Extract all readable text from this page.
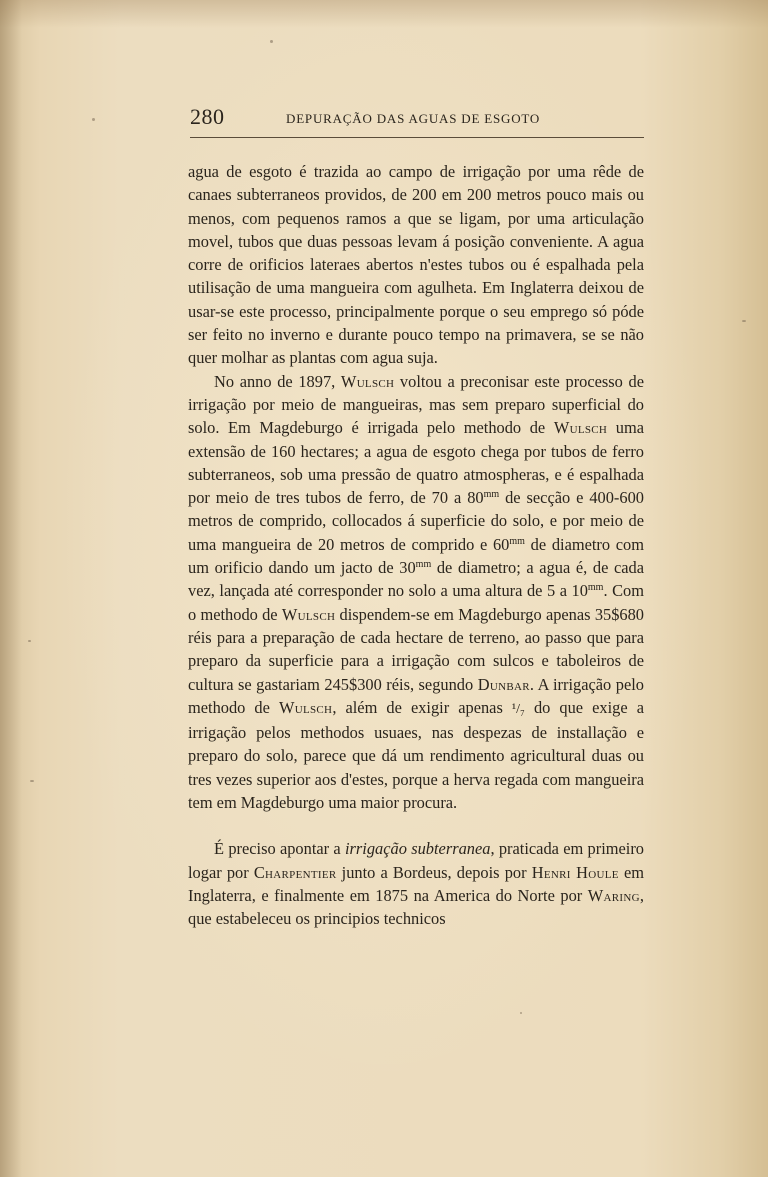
280	DEPURAÇÃO DAS AGUAS DE ESGOTO

agua de esgoto é trazida ao campo de irrigação por uma rêde de canaes subterraneos providos, de 200 em 200 metros pouco mais ou menos, com pequenos ramos a que se ligam, por uma articulação movel, tubos que duas pessoas levam á posição conveniente. A agua corre de orificios lateraes abertos n'estes tubos ou é espalhada pela utilisação de uma mangueira com agulheta. Em Inglaterra deixou de usar-se este processo, principalmente porque o seu emprego só póde ser feito no inverno e durante pouco tempo na primavera, se se não quer molhar as plantas com agua suja.

No anno de 1897, Wulsch voltou a preconisar este processo de irrigação por meio de mangueiras, mas sem preparo superficial do solo. Em Magdeburgo é irrigada pelo methodo de Wulsch uma extensão de 160 hectares; a agua de esgoto chega por tubos de ferro subterraneos, sob uma pressão de quatro atmospheras, e é espalhada por meio de tres tubos de ferro, de 70 a $80^{mm}$ de secção e 400-600 metros de comprido, collocados á superficie do solo, e por meio de uma mangueira de 20 metros de comprido e $60^{mm}$ de diametro com um orificio dando um jacto de $30^{mm}$ de diametro; a agua é, de cada vez, lançada até corresponder no solo a uma altura de 5 a $10^{mm}$. Com o methodo de Wulsch dispendem-se em Magdeburgo apenas 35$680 réis para a preparação de cada hectare de terreno, ao passo que para preparo da superficie para a irrigação com sulcos e taboleiros de cultura se gastariam 245$300 réis, segundo Dunbar. A irrigação pelo methodo de Wulsch, além de exigir apenas ¹/₇ do que exige a irrigação pelos methodos usuaes, nas despezas de installação e preparo do solo, parece que dá um rendimento agricultural duas ou tres vezes superior aos d'estes, porque a herva regada com mangueira tem em Magdeburgo uma maior procura.

É preciso apontar a irrigação subterranea, praticada em primeiro logar por Charpentier junto a Bordeus, depois por Henri Houle em Inglaterra, e finalmente em 1875 na America do Norte por Waring, que estabeleceu os principios technicos
